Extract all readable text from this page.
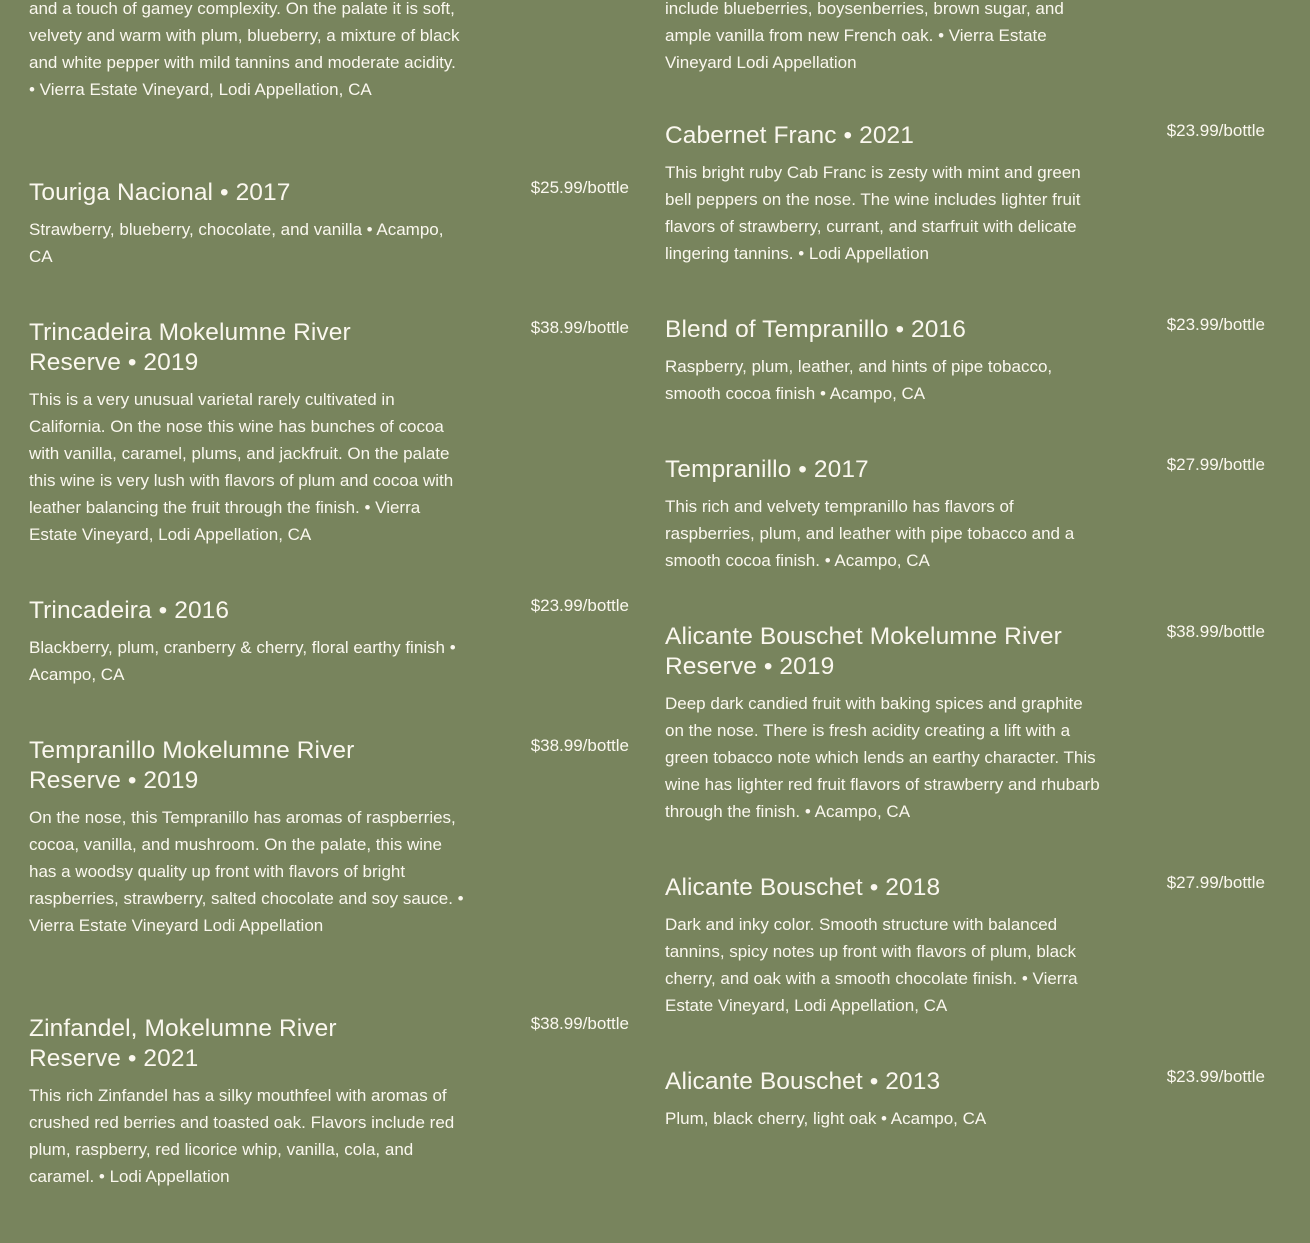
and a touch of gamey complexity. On the palate it is soft, velvety and warm with plum, blueberry, a mixture of black and white pepper with mild tannins and moderate acidity. • Vierra Estate Vineyard, Lodi Appellation, CA

Touriga Nacional • 2017	$25.99/bottle

Strawberry, blueberry, chocolate, and vanilla • Acampo, CA

Trincadeira Mokelumne River Reserve • 2019
$38.99/bottle

This is a very unusual varietal rarely cultivated in California. On the nose this wine has bunches of cocoa with vanilla, caramel, plums, and jackfruit. On the palate this wine is very lush with flavors of plum and cocoa with leather balancing the fruit through the finish. • Vierra Estate Vineyard, Lodi Appellation, CA

Trincadeira • 2016	$23.99/bottle

Blackberry, plum, cranberry & cherry, floral earthy finish • Acampo, CA

Tempranillo Mokelumne River Reserve • 2019
$38.99/bottle

On the nose, this Tempranillo has aromas of raspberries, cocoa, vanilla, and mushroom. On the palate, this wine has a woodsy quality up front with flavors of bright raspberries, strawberry, salted chocolate and soy sauce. • Vierra Estate Vineyard Lodi Appellation

Zinfandel, Mokelumne River Reserve • 2021
$38.99/bottle

This rich Zinfandel has a silky mouthfeel with aromas of crushed red berries and toasted oak. Flavors include red plum, raspberry, red licorice whip, vanilla, cola, and caramel. • Lodi Appellation

include blueberries, boysenberries, brown sugar, and ample vanilla from new French oak. • Vierra Estate Vineyard Lodi Appellation

Cabernet Franc • 2021	$23.99/bottle

This bright ruby Cab Franc is zesty with mint and green bell peppers on the nose. The wine includes lighter fruit flavors of strawberry, currant, and starfruit with delicate lingering tannins. • Lodi Appellation

Blend of Tempranillo • 2016	$23.99/bottle

Raspberry, plum, leather, and hints of pipe tobacco, smooth cocoa finish • Acampo, CA

Tempranillo • 2017	$27.99/bottle

This rich and velvety tempranillo has flavors of raspberries, plum, and leather with pipe tobacco and a smooth cocoa finish. • Acampo, CA

Alicante Bouschet Mokelumne River Reserve • 2019
$38.99/bottle

Deep dark candied fruit with baking spices and graphite on the nose. There is fresh acidity creating a lift with a green tobacco note which lends an earthy character. This wine has lighter red fruit flavors of strawberry and rhubarb through the finish. • Acampo, CA

Alicante Bouschet • 2018	$27.99/bottle

Dark and inky color. Smooth structure with balanced tannins, spicy notes up front with flavors of plum, black cherry, and oak with a smooth chocolate finish. • Vierra Estate Vineyard, Lodi Appellation, CA

Alicante Bouschet • 2013	$23.99/bottle

Plum, black cherry, light oak • Acampo, CA
